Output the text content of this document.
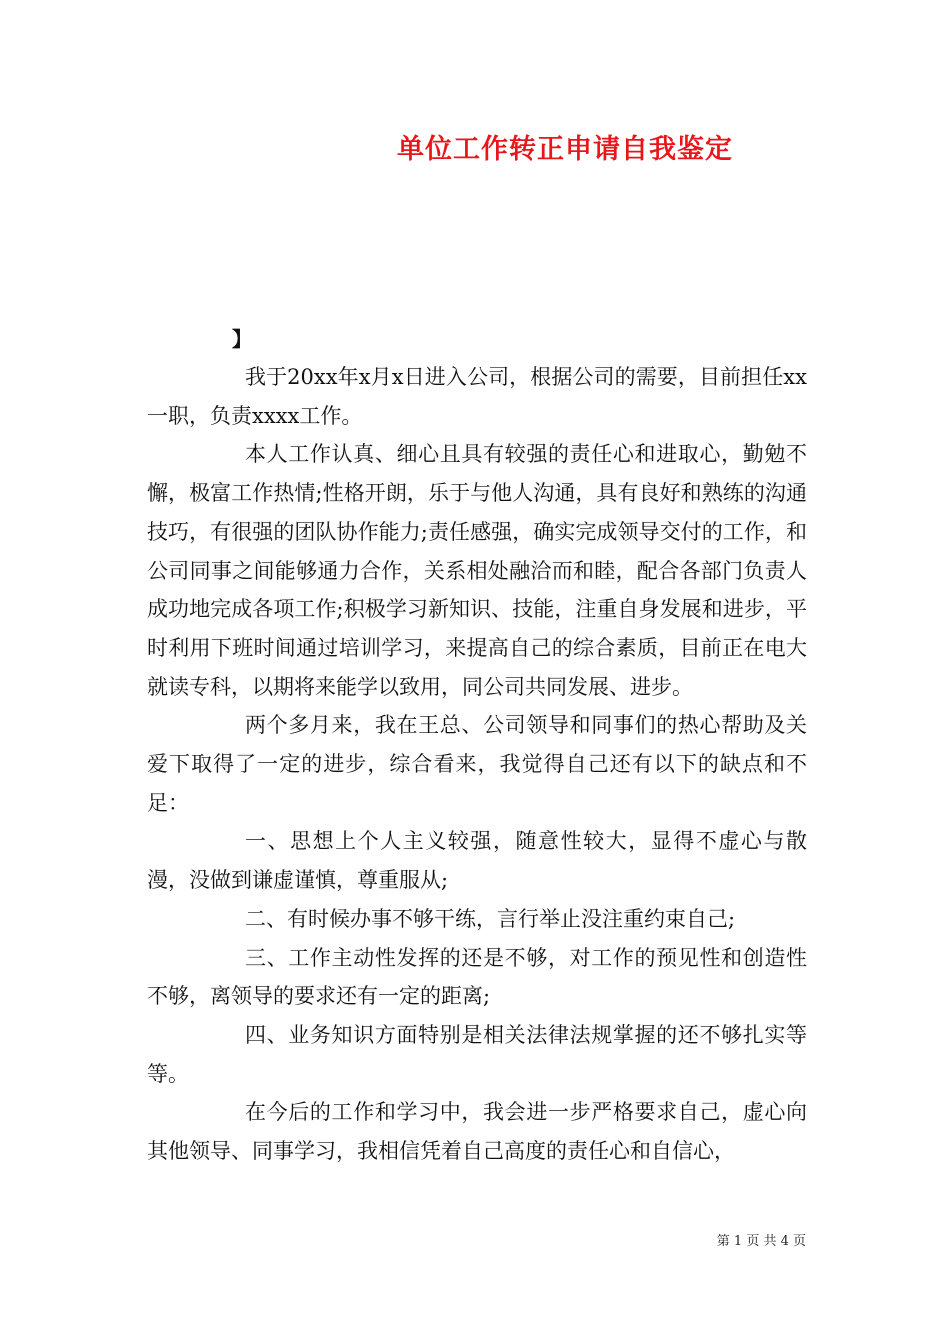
单位工作转正申请自我鉴定
】

我于20xx年x月x日进入公司，根据公司的需要，目前担任xx一职，负责xxxx工作。

本人工作认真、细心且具有较强的责任心和进取心，勤勉不懈，极富工作热情;性格开朗，乐于与他人沟通，具有良好和熟练的沟通技巧，有很强的团队协作能力;责任感强，确实完成领导交付的工作，和公司同事之间能够通力合作，关系相处融洽而和睦，配合各部门负责人成功地完成各项工作;积极学习新知识、技能，注重自身发展和进步，平时利用下班时间通过培训学习，来提高自己的综合素质，目前正在电大就读专科，以期将来能学以致用，同公司共同发展、进步。

两个多月来，我在王总、公司领导和同事们的热心帮助及关爱下取得了一定的进步，综合看来，我觉得自己还有以下的缺点和不足：

一、思想上个人主义较强，随意性较大，显得不虚心与散漫，没做到谦虚谨慎，尊重服从;

二、有时候办事不够干练，言行举止没注重约束自己;

三、工作主动性发挥的还是不够，对工作的预见性和创造性不够，离领导的要求还有一定的距离;

四、业务知识方面特别是相关法律法规掌握的还不够扎实等等。

在今后的工作和学习中，我会进一步严格要求自己，虚心向其他领导、同事学习，我相信凭着自己高度的责任心和自信心，

第 1 页 共 4 页
